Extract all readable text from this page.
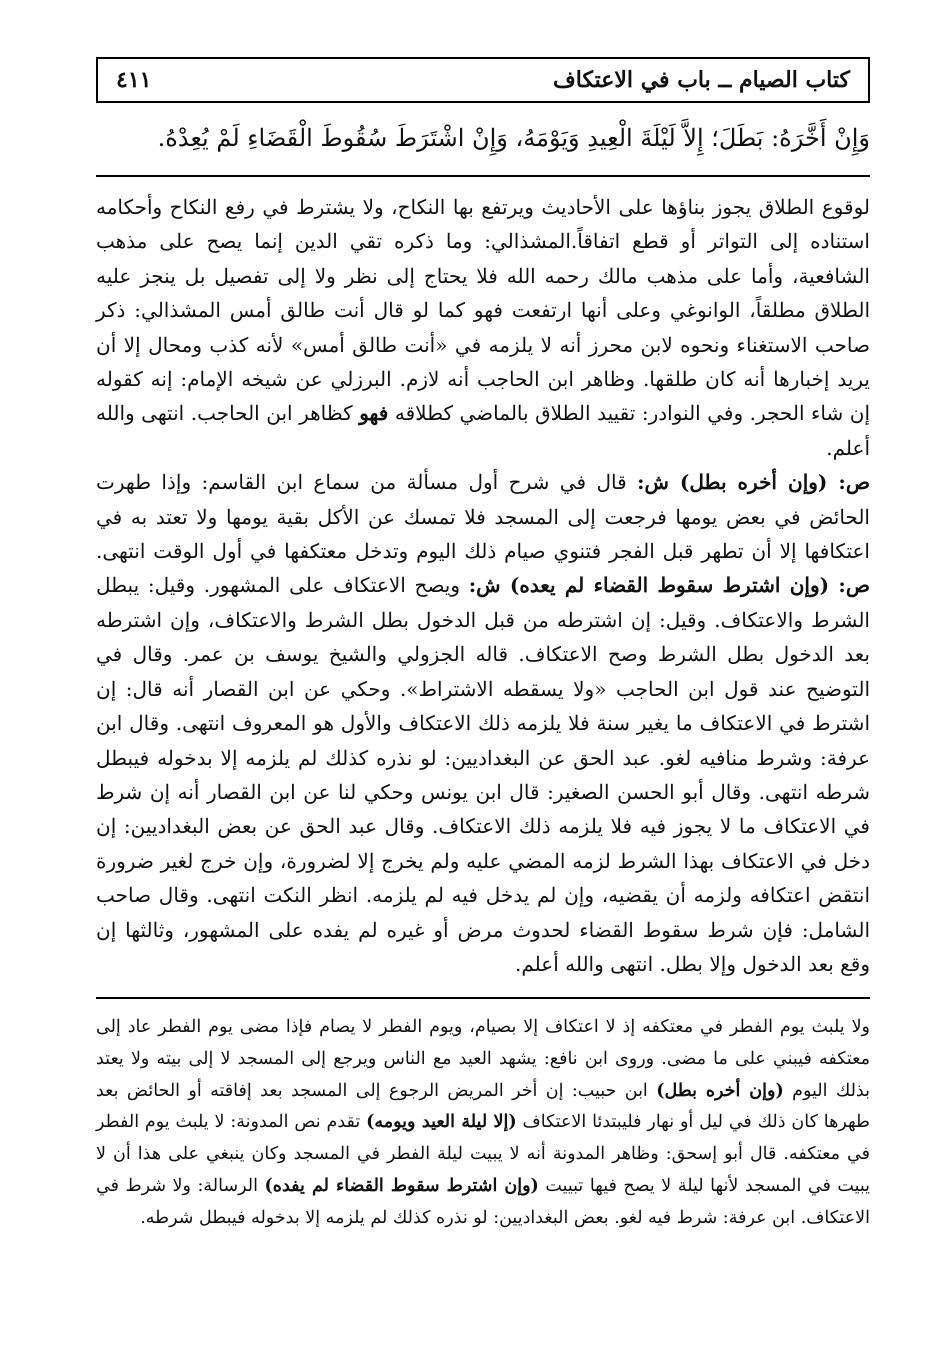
كتاب الصيام ــ باب في الاعتكاف
٤١١
وَإِنْ أَخَّرَهُ: بَطَلَ؛ إِلاَّ لَيْلَةَ الْعِيدِ وَيَوْمَهُ، وَإِنْ اشْتَرَطَ سُقُوطَ الْقَضَاءِ لَمْ يُعِدْهُ.

لوقوع الطلاق يجوز بناؤها على الأحاديث ويرتفع بها النكاح، ولا يشترط في رفع النكاح وأحكامه استناده إلى التواتر أو قطع اتفاقاً.المشذالي: وما ذكره تقي الدين إنما يصح على مذهب الشافعية، وأما على مذهب مالك رحمه الله فلا يحتاج إلى نظر ولا إلى تفصيل بل ينجز عليه الطلاق مطلقاً، الوانوغي وعلى أنها ارتفعت فهو كما لو قال أنت طالق أمس المشذالي: ذكر صاحب الاستغناء ونحوه لابن محرز أنه لا يلزمه في «أنت طالق أمس» لأنه كذب ومحال إلا أن يريد إخبارها أنه كان طلقها. وظاهر ابن الحاجب أنه لازم. البرزلي عن شيخه الإمام: إنه كقوله إن شاء الحجر. وفي النوادر: تقييد الطلاق بالماضي كطلاقه فهو كظاهر ابن الحاجب. انتهى والله أعلم.
ص: (وإن أخره بطل) ش: قال في شرح أول مسألة من سماع ابن القاسم: وإذا طهرت الحائض في بعض يومها فرجعت إلى المسجد فلا تمسك عن الأكل بقية يومها ولا تعتد به في اعتكافها إلا أن تطهر قبل الفجر فتنوي صيام ذلك اليوم وتدخل معتكفها في أول الوقت انتهى. ص: (وإن اشترط سقوط القضاء لم يعده) ش: ويصح الاعتكاف على المشهور. وقيل: يبطل الشرط والاعتكاف. وقيل: إن اشترطه من قبل الدخول بطل الشرط والاعتكاف، وإن اشترطه بعد الدخول بطل الشرط وصح الاعتكاف. قاله الجزولي والشيخ يوسف بن عمر. وقال في التوضيح عند قول ابن الحاجب «ولا يسقطه الاشتراط». وحكي عن ابن القصار أنه قال: إن اشترط في الاعتكاف ما يغير سنة فلا يلزمه ذلك الاعتكاف والأول هو المعروف انتهى. وقال ابن عرفة: وشرط منافيه لغو. عبد الحق عن البغداديين: لو نذره كذلك لم يلزمه إلا بدخوله فيبطل شرطه انتهى. وقال أبو الحسن الصغير: قال ابن يونس وحكي لنا عن ابن القصار أنه إن شرط في الاعتكاف ما لا يجوز فيه فلا يلزمه ذلك الاعتكاف. وقال عبد الحق عن بعض البغداديين: إن دخل في الاعتكاف بهذا الشرط لزمه المضي عليه ولم يخرج إلا لضرورة، وإن خرج لغير ضرورة انتقض اعتكافه ولزمه أن يقضيه، وإن لم يدخل فيه لم يلزمه. انظر النكت انتهى. وقال صاحب الشامل: فإن شرط سقوط القضاء لحدوث مرض أو غيره لم يفده على المشهور، وثالثها إن وقع بعد الدخول وإلا بطل. انتهى والله أعلم.

ولا يلبث يوم الفطر في معتكفه إذ لا اعتكاف إلا بصيام، ويوم الفطر لا يصام فإذا مضى يوم الفطر عاد إلى معتكفه فيبني على ما مضى. وروى ابن نافع: يشهد العيد مع الناس ويرجع إلى المسجد لا إلى بيته ولا يعتد بذلك اليوم (وإن أخره بطل) ابن حبيب: إن أخر المريض الرجوع إلى المسجد بعد إفاقته أو الحائض بعد طهرها كان ذلك في ليل أو نهار فليبتدئا الاعتكاف (إلا ليلة العيد ويومه) تقدم نص المدونة: لا يلبث يوم الفطر في معتكفه. قال أبو إسحق: وظاهر المدونة أنه لا يبيت ليلة الفطر في المسجد وكان ينبغي على هذا أن لا يبيت في المسجد لأنها ليلة لا يصح فيها تبييت (وإن اشترط سقوط القضاء لم يفده) الرسالة: ولا شرط في الاعتكاف. ابن عرفة: شرط فيه لغو. بعض البغداديين: لو نذره كذلك لم يلزمه إلا بدخوله فيبطل شرطه.
